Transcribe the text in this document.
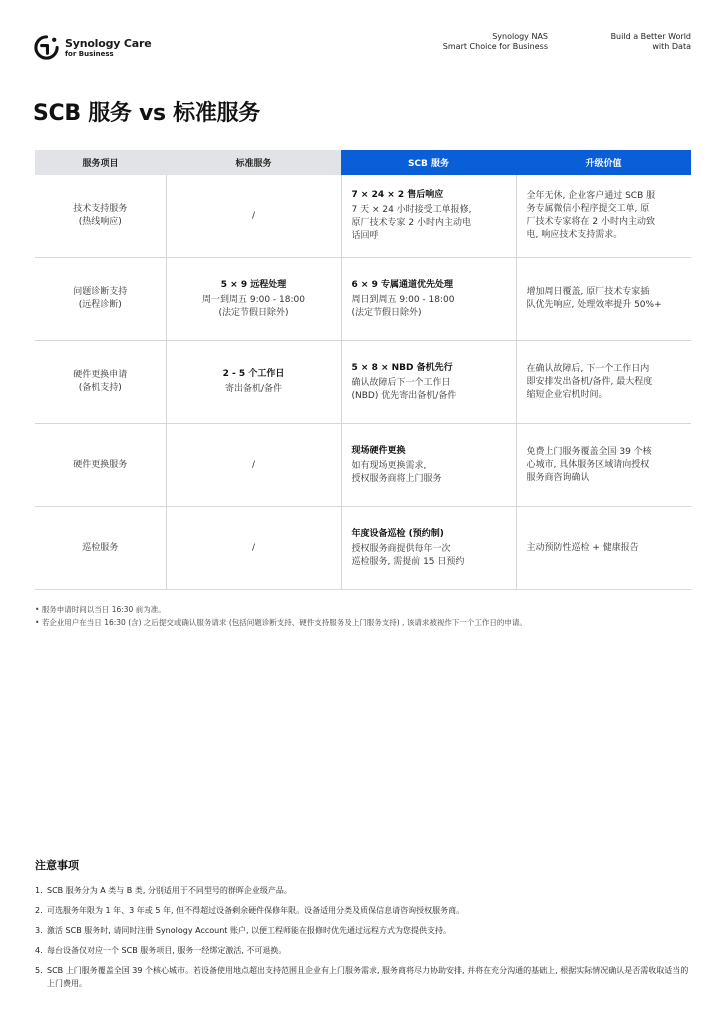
Synology Care
for Business
Synology NAS
Smart Choice for Business
Build a Better World
with Data
SCB 服务 vs 标准服务
服务项目	标准服务	SCB 服务	升级价值

技术支持服务
(热线响应)	/	7 × 24 × 2 售后响应
7 天 × 24 小时接受工单报修,
原厂技术专家 2 小时内主动电
话回呼	全年无休, 企业客户通过 SCB 服
务专属微信小程序提交工单, 原
厂技术专家将在 2 小时内主动致
电, 响应技术支持需求。

问题诊断支持
(远程诊断)	5 × 9 远程处理
周一到周五 9:00 - 18:00
(法定节假日除外)	6 × 9 专属通道优先处理
周日到周五 9:00 - 18:00
(法定节假日除外)	增加周日覆盖, 原厂技术专家插
队优先响应, 处理效率提升 50%+

硬件更换申请
(备机支持)	2 - 5 个工作日
寄出备机/备件	5 × 8 × NBD 备机先行
确认故障后下一个工作日
(NBD) 优先寄出备机/备件	在确认故障后, 下一个工作日内
即安排发出备机/备件, 最大程度
缩短企业宕机时间。

硬件更换服务	/	现场硬件更换
如有现场更换需求,
授权服务商将上门服务	免费上门服务覆盖全国 39 个核
心城市, 具体服务区域请向授权
服务商咨询确认

巡检服务	/	年度设备巡检 (预约制)
授权服务商提供每年一次
巡检服务, 需提前 15 日预约	主动预防性巡检 + 健康报告
• 服务申请时间以当日 16:30 前为准。
• 若企业用户在当日 16:30 (含) 之后提交或确认服务请求 (包括问题诊断支持、硬件支持服务及上门服务支持) , 该请求被视作下一个工作日的申请。
注意事项
1. SCB 服务分为 A 类与 B 类, 分别适用于不同型号的群晖企业级产品。
2. 可选服务年限为 1 年、3 年或 5 年, 但不得超过设备剩余硬件保修年限。设备适用分类及质保信息请咨询授权服务商。
3. 激活 SCB 服务时, 请同时注册 Synology Account 账户, 以便工程师能在报修时优先通过远程方式为您提供支持。
4. 每台设备仅对应一个 SCB 服务项目, 服务一经绑定激活, 不可退换。
5. SCB 上门服务覆盖全国 39 个核心城市。若设备使用地点超出支持范围且企业有上门服务需求, 服务商将尽力协助安排, 并将在充分沟通的基础上, 根据实际情况确认是否需收取适当的上门费用。
